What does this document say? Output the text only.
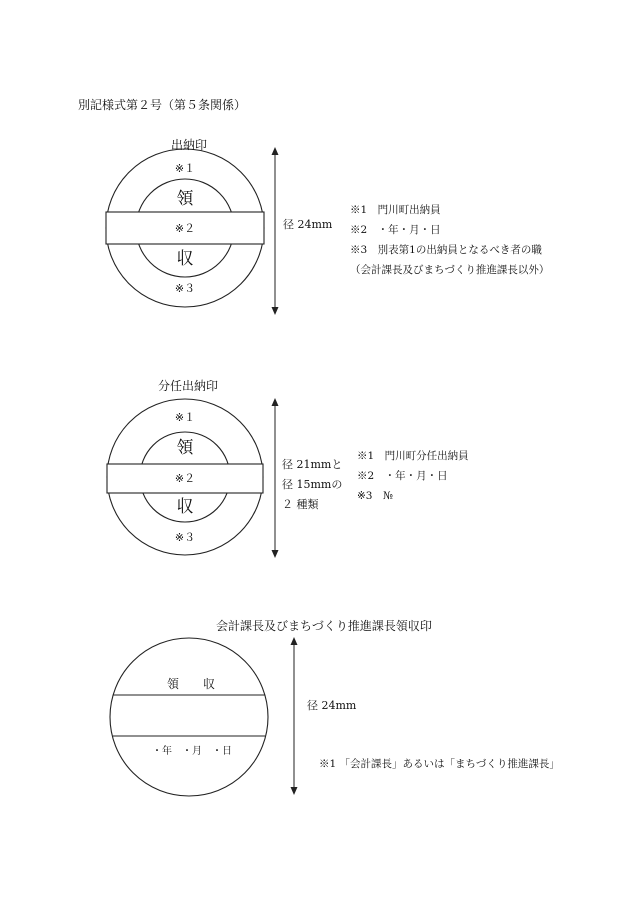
別記様式第２号（第５条関係）
※１
領
※２
収
※３
※１
領
※２
収
※３
領　　収
・年　・月　・日
出納印
径 24mm
※1　門川町出納員
※2　・年・月・日
※3　別表第1の出納員となるべき者の職
（会計課長及びまちづくり推進課長以外）
分任出納印
径 21mmと
径 15mmの
２ 種類
※1　門川町分任出納員
※2　・年・月・日
※3　№
会計課長及びまちづくり推進課長領収印
径 24mm
※1 「会計課長」あるいは「まちづくり推進課長」
